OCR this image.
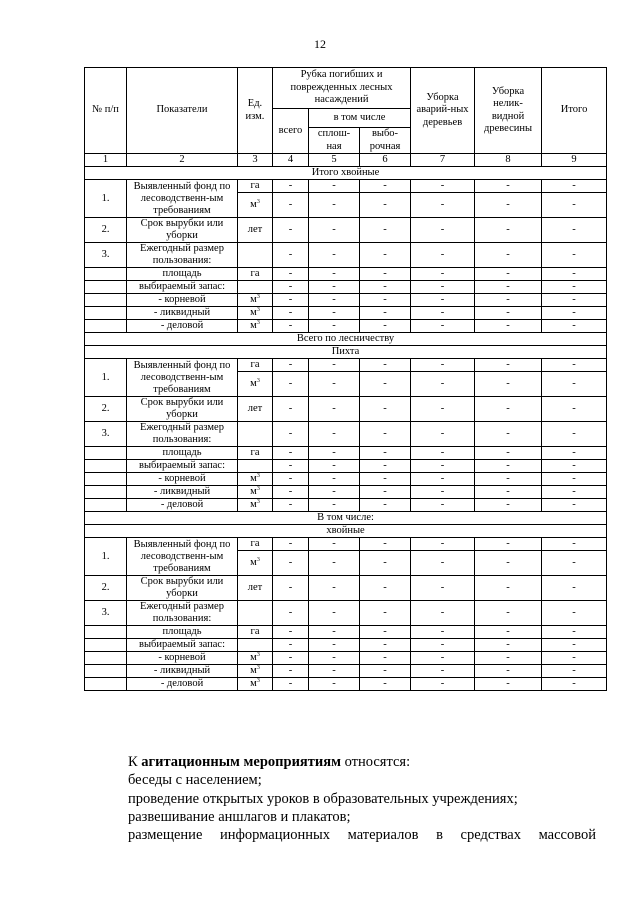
12
№ п/п	Показатели	Ед. изм.	Рубка погибших и поврежденных лесных насаждений			Уборка аварий-ных деревьев	Уборка нелик-видной древесины	Итого
			всего	в том числе				
				сплош-ная	выбо-рочная			
1	2	3	4	5	6	7	8	9
Итого хвойные								
1.	Выявленный фонд по лесоводственн-ым требованиям	га	-	-	-	-	-	-
		$м^3$	-	-	-	-	-	-
2.	Срок вырубки или уборки	лет	-	-	-	-	-	-
3.	Ежегодный размер пользования:		-	-	-	-	-	-
	площадь	га	-	-	-	-	-	-
	выбираемый запас:		-	-	-	-	-	-
	- корневой	$м^3$	-	-	-	-	-	-
	- ликвидный	$м^3$	-	-	-	-	-	-
	- деловой	$м^3$	-	-	-	-	-	-
Всего по лесничеству								
Пихта								
1.	Выявленный фонд по лесоводственн-ым требованиям	га	-	-	-	-	-	-
		$м^3$	-	-	-	-	-	-
2.	Срок вырубки или уборки	лет	-	-	-	-	-	-
3.	Ежегодный размер пользования:		-	-	-	-	-	-
	площадь	га	-	-	-	-	-	-
	выбираемый запас:		-	-	-	-	-	-
	- корневой	$м^3$	-	-	-	-	-	-
	- ликвидный	$м^3$	-	-	-	-	-	-
	- деловой	$м^3$	-	-	-	-	-	-
В том числе:								
хвойные								
1.	Выявленный фонд по лесоводственн-ым требованиям	га	-	-	-	-	-	-
		$м^3$	-	-	-	-	-	-
2.	Срок вырубки или уборки	лет	-	-	-	-	-	-
3.	Ежегодный размер пользования:		-	-	-	-	-	-
	площадь	га	-	-	-	-	-	-
	выбираемый запас:		-	-	-	-	-	-
	- корневой	$м^3$	-	-	-	-	-	-
	- ликвидный	$м^3$	-	-	-	-	-	-
	- деловой	$м^3$	-	-	-	-	-	-
К агитационным мероприятиям относятся:
беседы с населением;
проведение открытых уроков в образовательных учреждениях;
развешивание аншлагов и плакатов;
размещение информационных материалов в средствах массовой
